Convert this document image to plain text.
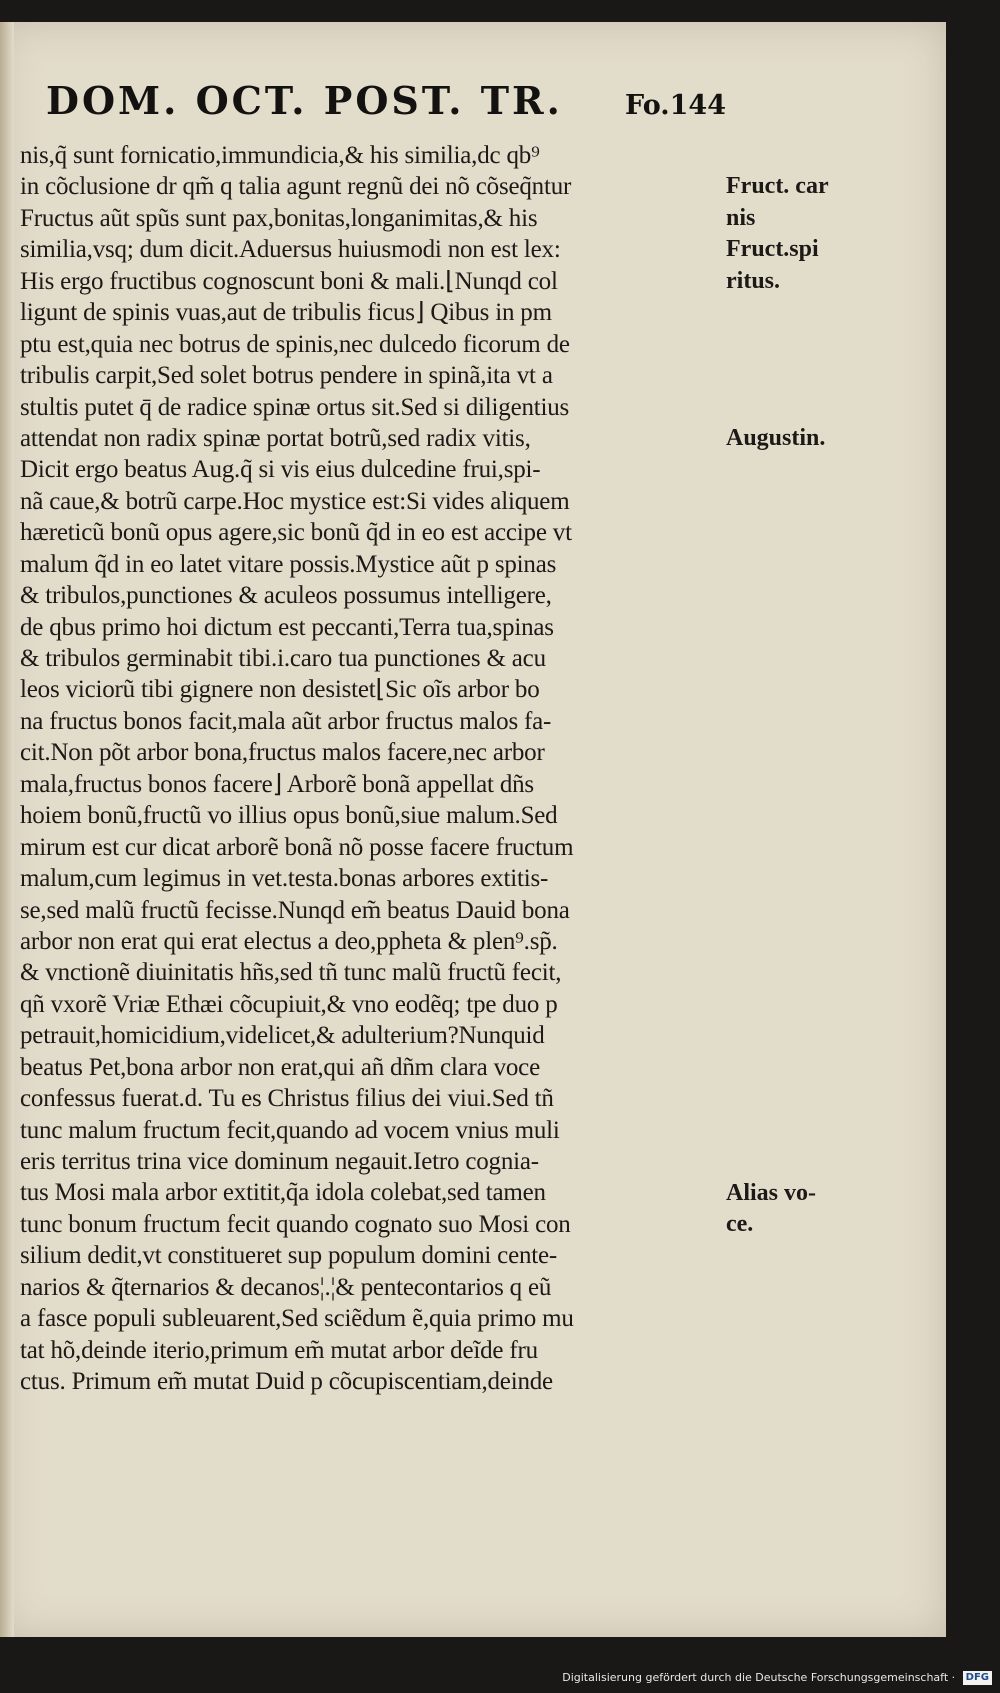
DOM. OCT. POST. TR. Fo.144
nis,q̃ sunt fornicatio,immundicia,& his similia,dc qb⁹
in cõclusione dr qm̃ q talia agunt regnũ dei nõ cõseq̃ntur
Fructus aũt spũs sunt pax,bonitas,longanimitas,& his
similia,vsq; dum dicit.Aduersus huiusmodi non est lex:
His ergo fructibus cognoscunt boni & mali.⌊Nunqd col
ligunt de spinis vuas,aut de tribulis ficus⌋ Qibus in pm
ptu est,quia nec botrus de spinis,nec dulcedo ficorum de
tribulis carpit,Sed solet botrus pendere in spinã,ita vt a
stultis putet q̄ de radice spinæ ortus sit.Sed si diligentius
attendat non radix spinæ portat botrũ,sed radix vitis,
Dicit ergo beatus Aug.q̃ si vis eius dulcedine frui,spi-
nã caue,& botrũ carpe.Hoc mystice est:Si vides aliquem
hæreticũ bonũ opus agere,sic bonũ q̃d in eo est accipe vt
malum q̃d in eo latet vitare possis.Mystice aũt p spinas
& tribulos,punctiones & aculeos possumus intelligere,
de qbus primo hoi dictum est peccanti,Terra tua,spinas
& tribulos germinabit tibi.i.caro tua punctiones & acu
leos viciorũ tibi gignere non desistet⌊Sic oĩs arbor bo
na fructus bonos facit,mala aũt arbor fructus malos fa-
cit.Non põt arbor bona,fructus malos facere,nec arbor
mala,fructus bonos facere⌋ Arborẽ bonã appellat dñs
hoiem bonũ,fructũ vo illius opus bonũ,siue malum.Sed
mirum est cur dicat arborẽ bonã nõ posse facere fructum
malum,cum legimus in vet.testa.bonas arbores extitis-
se,sed malũ fructũ fecisse.Nunqd em̃ beatus Dauid bona
arbor non erat qui erat electus a deo,ppheta & plen⁹.sp̃.
& vnctionẽ diuinitatis hñs,sed tñ tunc malũ fructũ fecit,
qñ vxorẽ Vriæ Ethæi cõcupiuit,& vno eodẽq; tpe duo p
petrauit,homicidium,videlicet,& adulterium?Nunquid
beatus Pet,bona arbor non erat,qui añ dñm clara voce
confessus fuerat.d. Tu es Christus filius dei viui.Sed tñ
tunc malum fructum fecit,quando ad vocem vnius muli
eris territus trina vice dominum negauit.Ietro cognia-
tus Mosi mala arbor extitit,q̃a idola colebat,sed tamen
tunc bonum fructum fecit quando cognato suo Mosi con
silium dedit,vt constitueret sup populum domini cente-
narios & q̃ternarios & decanos¦.¦& pentecontarios q eũ
a fasce populi subleuarent,Sed sciẽdum ẽ,quia primo mu
tat hõ,deinde iterio,primum em̃ mutat arbor deĩde fru
ctus. Primum em̃ mutat Duid p cõcupiscentiam,deinde
Fruct. car
nis
Fruct.spi
ritus.
Augustin.
Alias vo-
ce.
Digitalisierung gefördert durch die Deutsche Forschungsgemeinschaft · DFG
